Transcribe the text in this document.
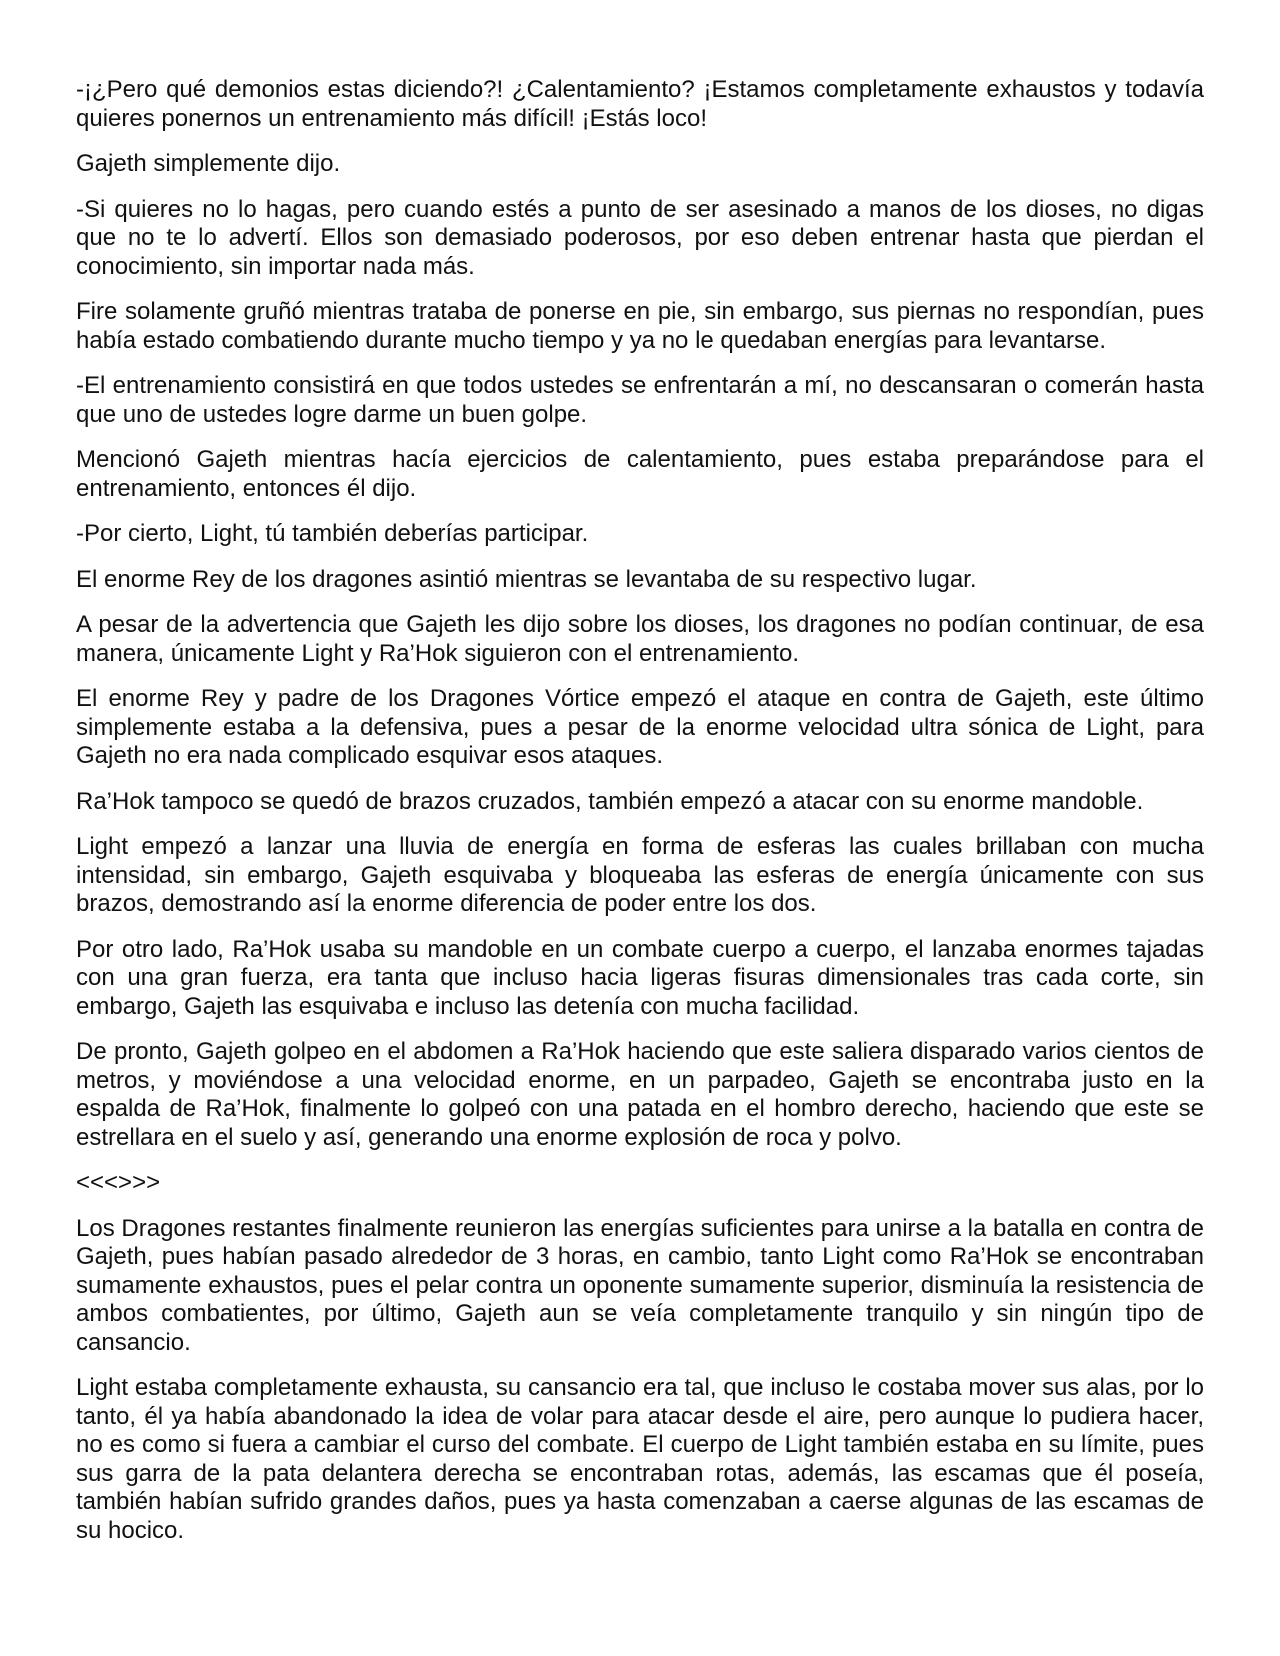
-¡¿Pero qué demonios estas diciendo?! ¿Calentamiento? ¡Estamos completamente exhaustos y todavía quieres ponernos un entrenamiento más difícil! ¡Estás loco!

Gajeth simplemente dijo.

-Si quieres no lo hagas, pero cuando estés a punto de ser asesinado a manos de los dioses, no digas que no te lo advertí. Ellos son demasiado poderosos, por eso deben entrenar hasta que pierdan el conocimiento, sin importar nada más.

Fire solamente gruñó mientras trataba de ponerse en pie, sin embargo, sus piernas no respondían, pues había estado combatiendo durante mucho tiempo y ya no le quedaban energías para levantarse.

-El entrenamiento consistirá en que todos ustedes se enfrentarán a mí, no descansaran o comerán hasta que uno de ustedes logre darme un buen golpe.

Mencionó Gajeth mientras hacía ejercicios de calentamiento, pues estaba preparándose para el entrenamiento, entonces él dijo.

-Por cierto, Light, tú también deberías participar.

El enorme Rey de los dragones asintió mientras se levantaba de su respectivo lugar.

A pesar de la advertencia que Gajeth les dijo sobre los dioses, los dragones no podían continuar, de esa manera, únicamente Light y Ra’Hok siguieron con el entrenamiento.

El enorme Rey y padre de los Dragones Vórtice empezó el ataque en contra de Gajeth, este último simplemente estaba a la defensiva, pues a pesar de la enorme velocidad ultra sónica de Light, para Gajeth no era nada complicado esquivar esos ataques.

Ra’Hok tampoco se quedó de brazos cruzados, también empezó a atacar con su enorme mandoble.

Light empezó a lanzar una lluvia de energía en forma de esferas las cuales brillaban con mucha intensidad, sin embargo, Gajeth esquivaba y bloqueaba las esferas de energía únicamente con sus brazos, demostrando así la enorme diferencia de poder entre los dos.

Por otro lado, Ra’Hok usaba su mandoble en un combate cuerpo a cuerpo, el lanzaba enormes tajadas con una gran fuerza, era tanta que incluso hacia ligeras fisuras dimensionales tras cada corte, sin embargo, Gajeth las esquivaba e incluso las detenía con mucha facilidad.

De pronto, Gajeth golpeo en el abdomen a Ra’Hok haciendo que este saliera disparado varios cientos de metros, y moviéndose a una velocidad enorme, en un parpadeo, Gajeth se encontraba justo en la espalda de Ra’Hok, finalmente lo golpeó con una patada en el hombro derecho, haciendo que este se estrellara en el suelo y así, generando una enorme explosión de roca y polvo.

<<<>>>

Los Dragones restantes finalmente reunieron las energías suficientes para unirse a la batalla en contra de Gajeth, pues habían pasado alrededor de 3 horas, en cambio, tanto Light como Ra’Hok se encontraban sumamente exhaustos, pues el pelar contra un oponente sumamente superior, disminuía la resistencia de ambos combatientes, por último, Gajeth aun se veía completamente tranquilo y sin ningún tipo de cansancio.

Light estaba completamente exhausta, su cansancio era tal, que incluso le costaba mover sus alas, por lo tanto, él ya había abandonado la idea de volar para atacar desde el aire, pero aunque lo pudiera hacer, no es como si fuera a cambiar el curso del combate. El cuerpo de Light también estaba en su límite, pues sus garra de la pata delantera derecha se encontraban rotas, además, las escamas que él poseía, también habían sufrido grandes daños, pues ya hasta comenzaban a caerse algunas de las escamas de su hocico.
